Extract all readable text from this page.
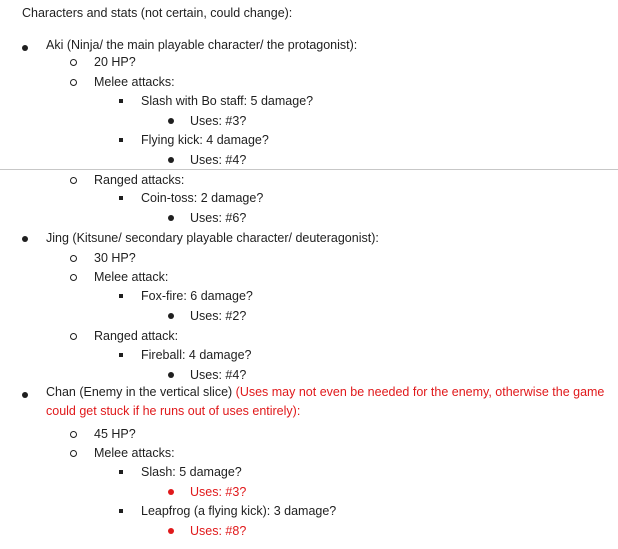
Characters and stats (not certain, could change):
Aki (Ninja/ the main playable character/ the protagonist):
20 HP?
Melee attacks:
Slash with Bo staff: 5 damage?
Uses: #3?
Flying kick: 4 damage?
Uses: #4?
Ranged attacks:
Coin-toss: 2 damage?
Uses: #6?
Jing (Kitsune/ secondary playable character/ deuteragonist):
30 HP?
Melee attack:
Fox-fire: 6 damage?
Uses: #2?
Ranged attack:
Fireball: 4 damage?
Uses: #4?
Chan (Enemy in the vertical slice) (Uses may not even be needed for the enemy, otherwise the game could get stuck if he runs out of uses entirely):
45 HP?
Melee attacks:
Slash: 5 damage?
Uses: #3?
Leapfrog (a flying kick): 3 damage?
Uses: #8?
